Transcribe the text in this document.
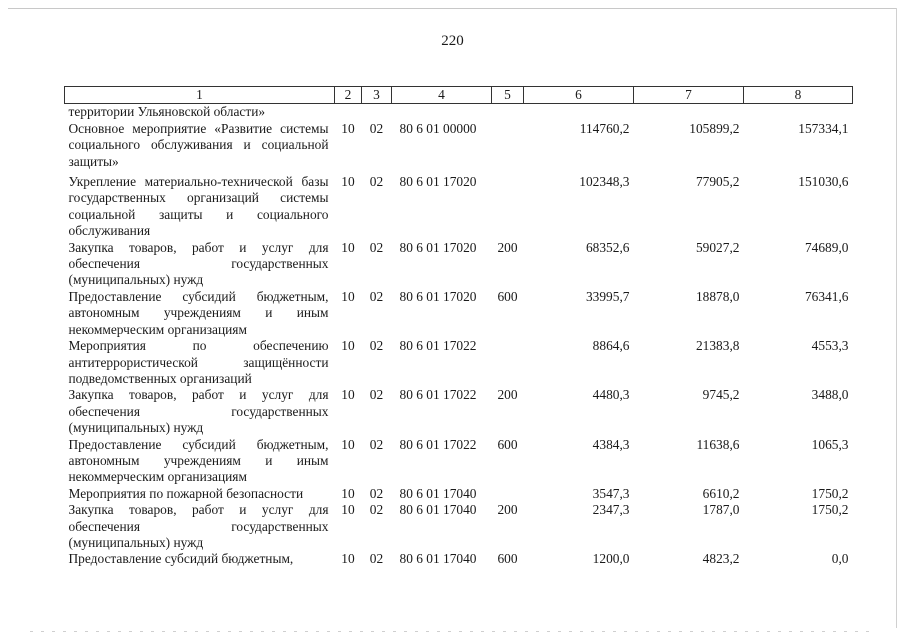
220
1	2	3	4	5	6	7	8
территории Ульяновской области»							
Основное мероприятие «Развитие системы социального обслуживания и социальной защиты»	10	02	80 6 01 00000		114760,2	105899,2	157334,1
Укрепление материально-технической базы государственных организаций системы социальной защиты и социального обслуживания	10	02	80 6 01 17020		102348,3	77905,2	151030,6
Закупка товаров, работ и услуг для обеспечения государственных (муниципальных) нужд	10	02	80 6 01 17020	200	68352,6	59027,2	74689,0
Предоставление субсидий бюджетным, автономным учреждениям и иным некоммерческим организациям	10	02	80 6 01 17020	600	33995,7	18878,0	76341,6
Мероприятия по обеспечению антитеррористической защищённости подведомственных организаций	10	02	80 6 01 17022		8864,6	21383,8	4553,3
Закупка товаров, работ и услуг для обеспечения государственных (муниципальных) нужд	10	02	80 6 01 17022	200	4480,3	9745,2	3488,0
Предоставление субсидий бюджетным, автономным учреждениям и иным некоммерческим организациям	10	02	80 6 01 17022	600	4384,3	11638,6	1065,3
Мероприятия по пожарной безопасности	10	02	80 6 01 17040		3547,3	6610,2	1750,2
Закупка товаров, работ и услуг для обеспечения государственных (муниципальных) нужд	10	02	80 6 01 17040	200	2347,3	1787,0	1750,2
Предоставление субсидий бюджетным,	10	02	80 6 01 17040	600	1200,0	4823,2	0,0
